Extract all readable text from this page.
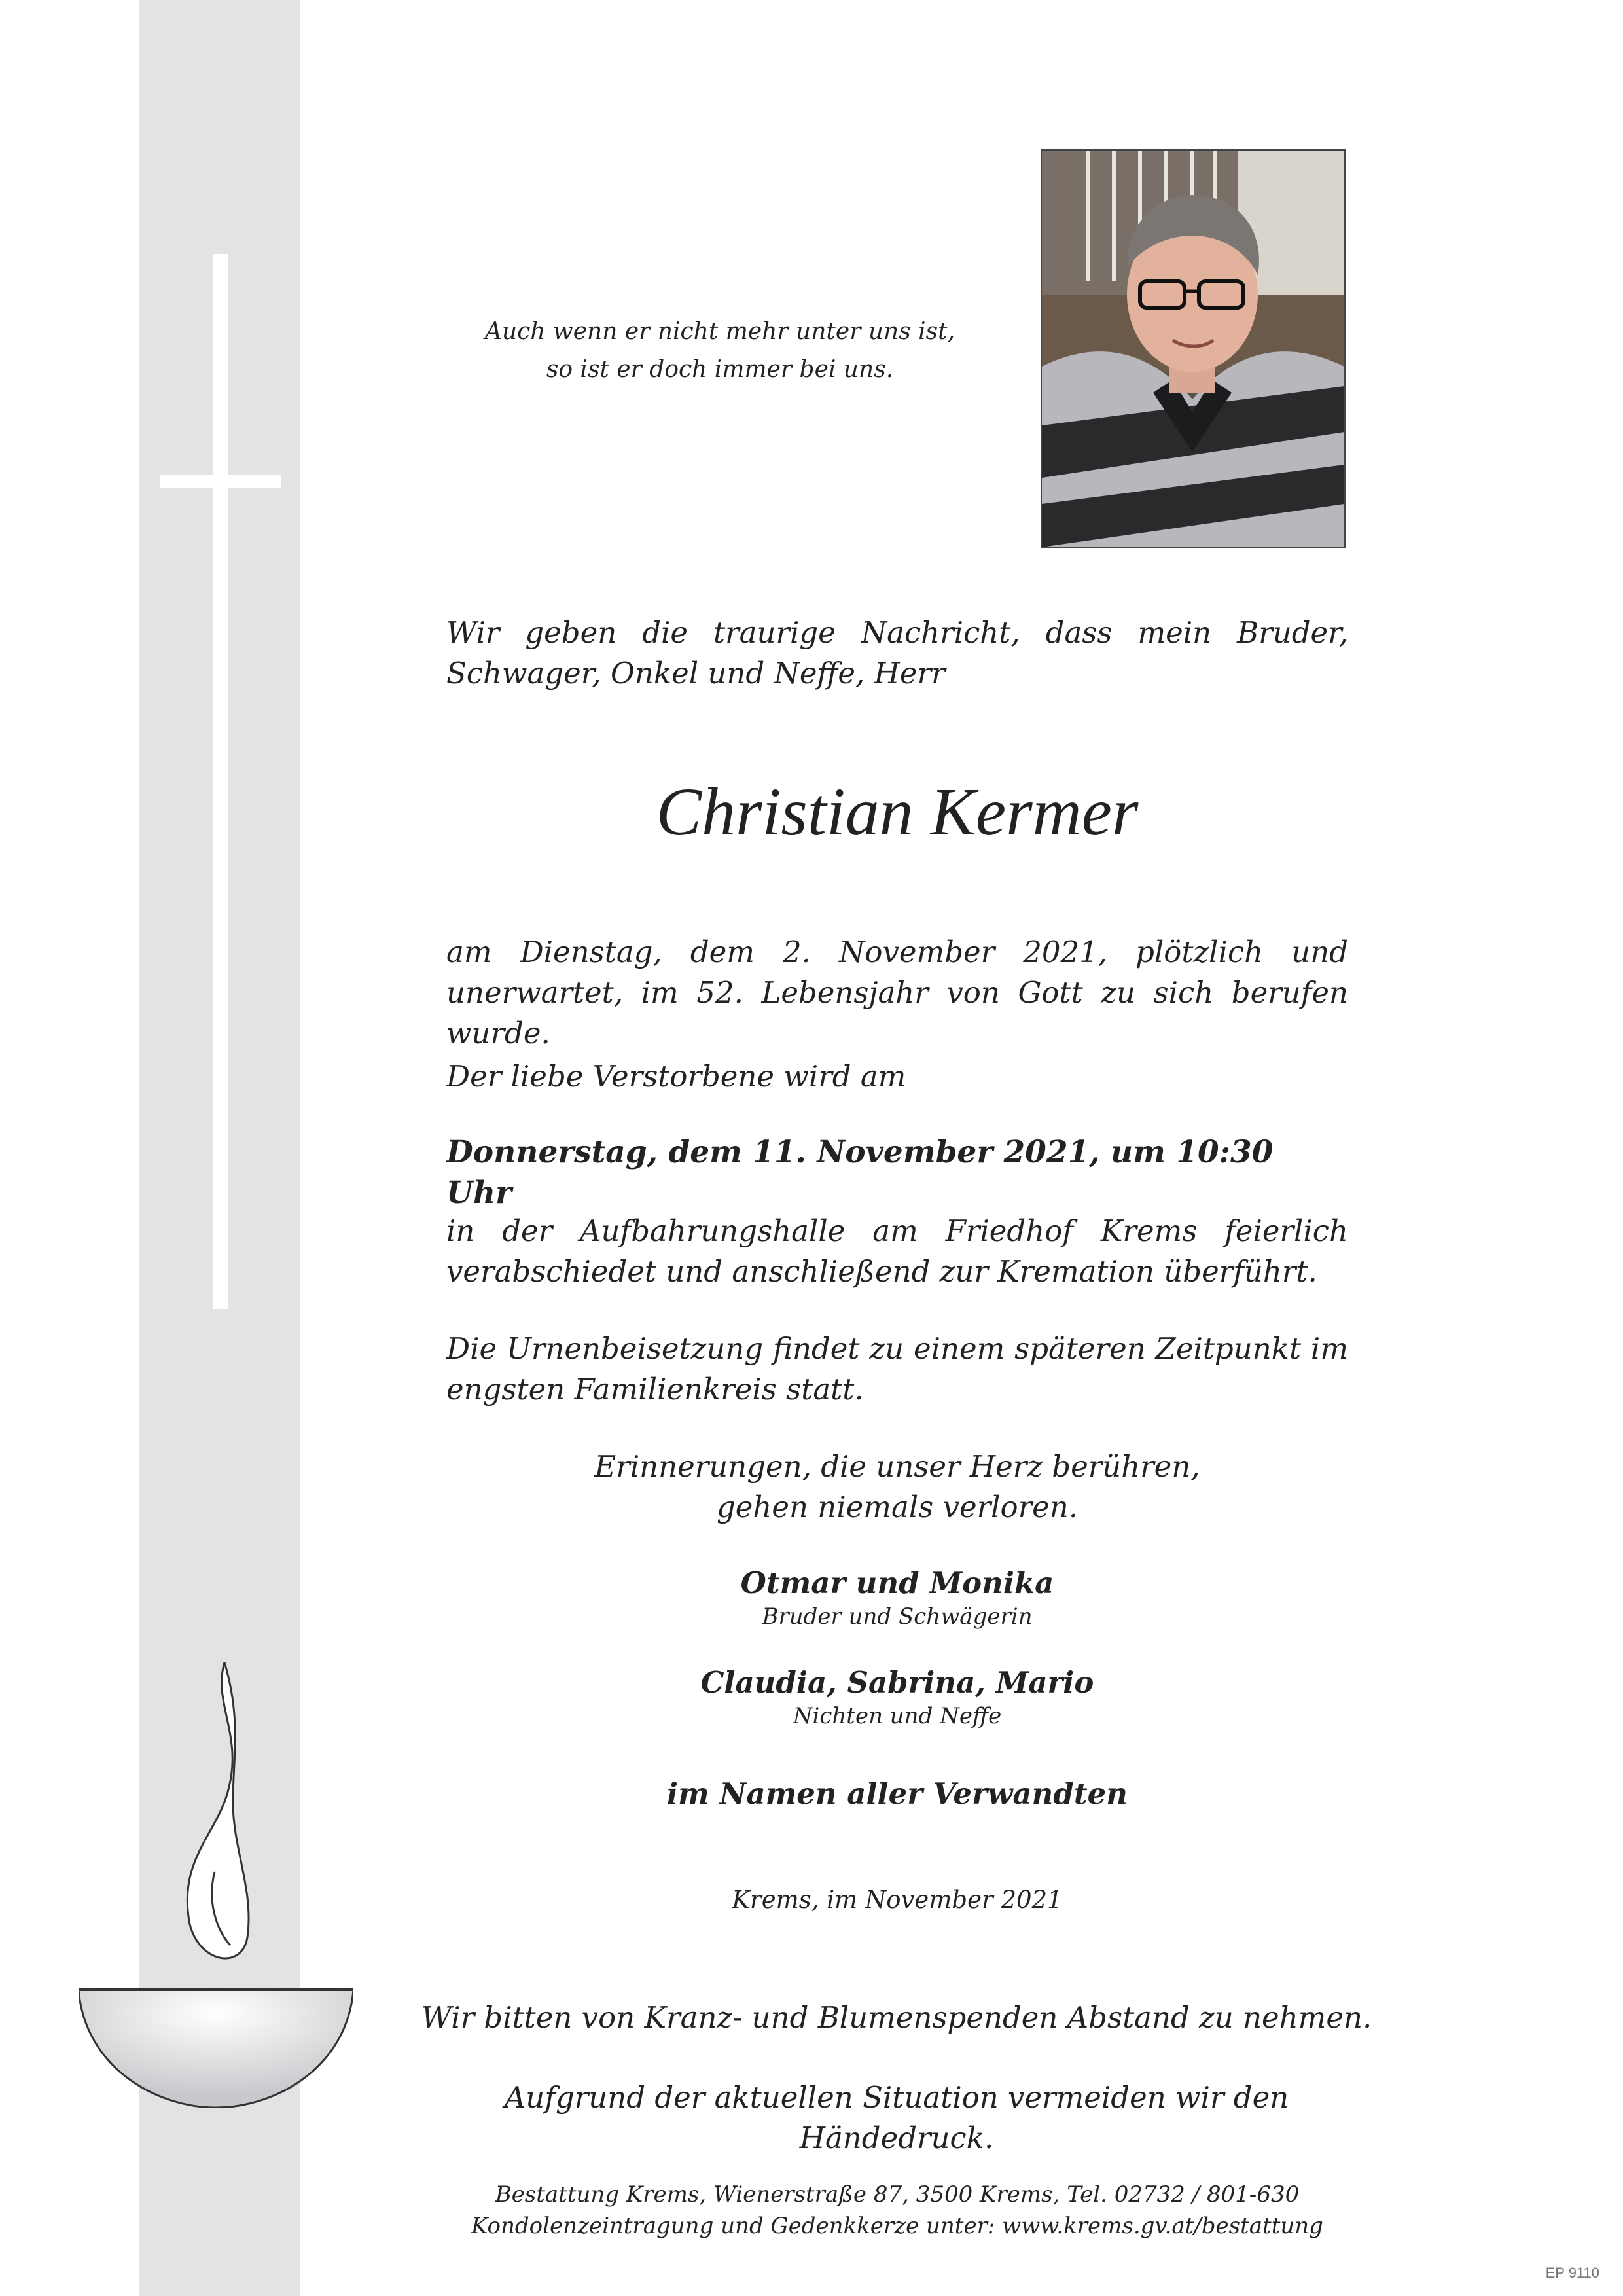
Auch wenn er nicht mehr unter uns ist,
so ist er doch immer bei uns.

Wir geben die traurige Nachricht, dass mein Bruder, Schwager, Onkel und Neffe, Herr

Christian Kermer

am Dienstag, dem 2. November 2021, plötzlich und unerwartet, im 52. Lebensjahr von Gott zu sich berufen wurde.

Der liebe Verstorbene wird am

Donnerstag, dem 11. November 2021, um 10:30 Uhr

in der Aufbahrungshalle am Friedhof Krems feierlich verabschiedet und anschließend zur Kremation überführt.

Die Urnenbeisetzung findet zu einem späteren Zeitpunkt im engsten Familienkreis statt.

Erinnerungen, die unser Herz berühren,
gehen niemals verloren.

Otmar und Monika

Bruder und Schwägerin

Claudia, Sabrina, Mario

Nichten und Neffe

im Namen aller Verwandten

Krems, im November 2021

Wir bitten von Kranz- und Blumenspenden Abstand zu nehmen.

Aufgrund der aktuellen Situation vermeiden wir den Händedruck.

Bestattung Krems, Wienerstraße 87, 3500 Krems, Tel. 02732 / 801-630

Kondolenzeintragung und Gedenkkerze unter: www.krems.gv.at/bestattung

EP 9110
